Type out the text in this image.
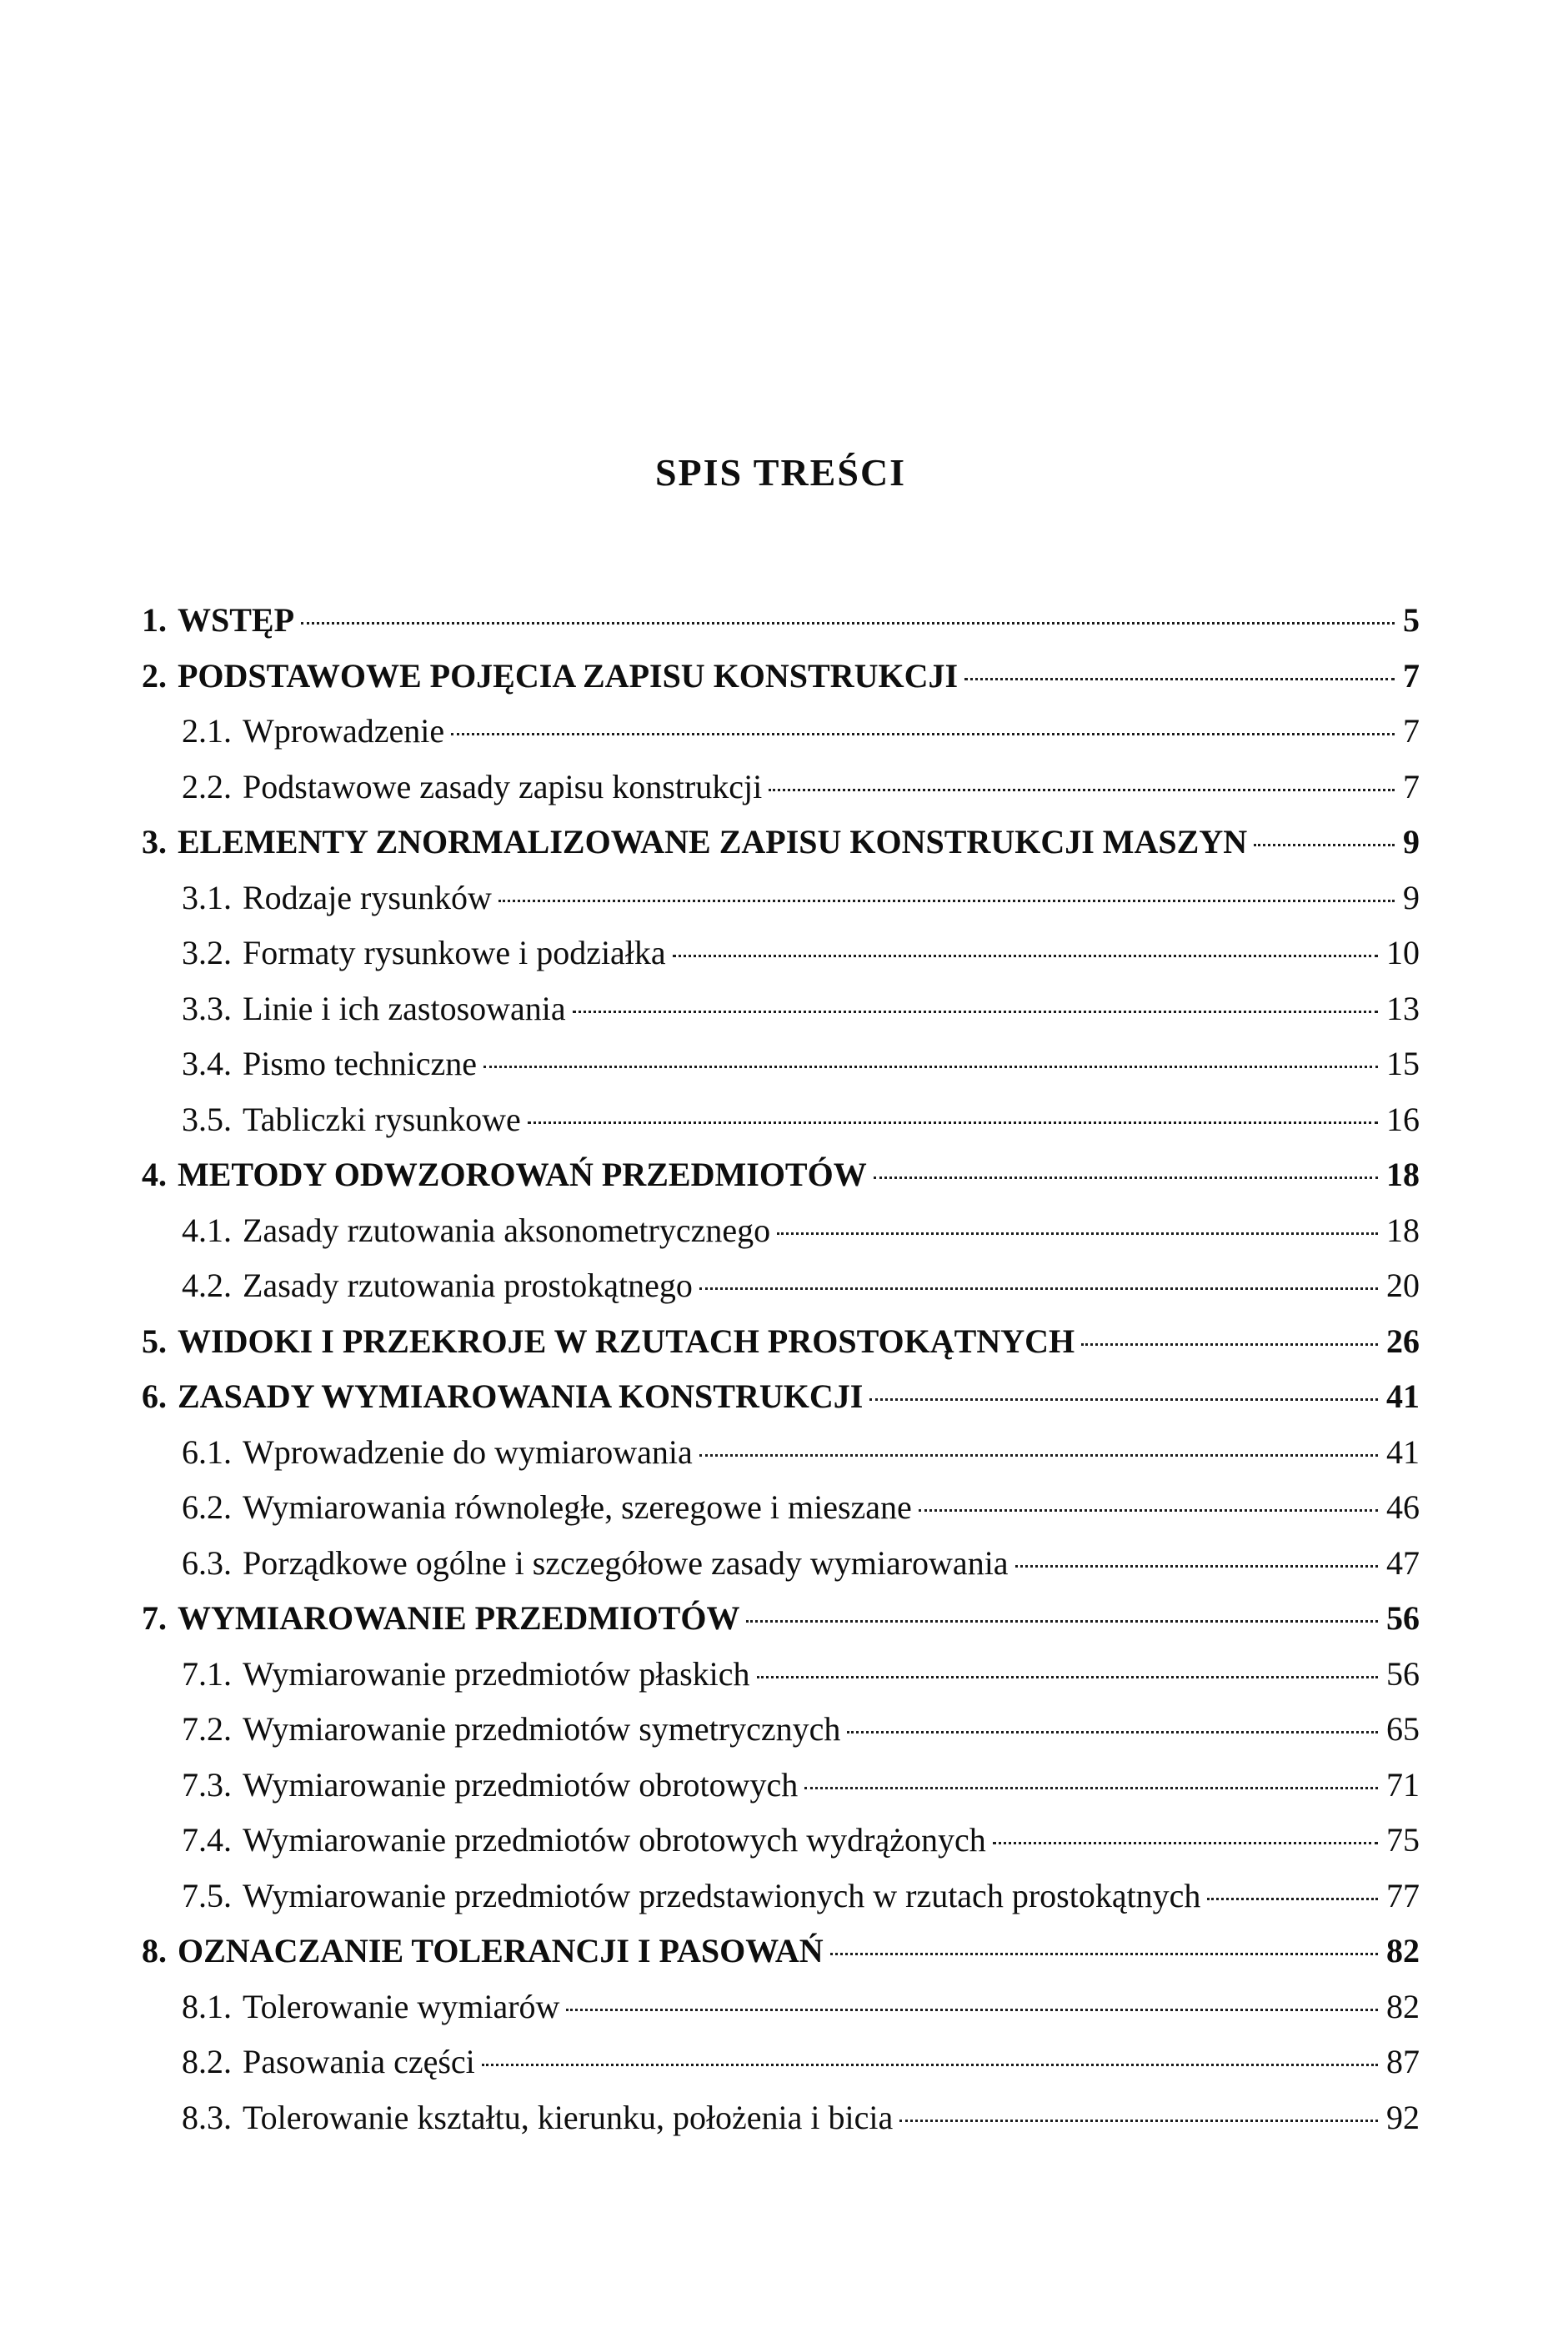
SPIS TREŚCI
1. WSTĘP	5
2. PODSTAWOWE POJĘCIA ZAPISU KONSTRUKCJI	7
2.1. Wprowadzenie	7
2.2. Podstawowe zasady zapisu konstrukcji	7
3. ELEMENTY ZNORMALIZOWANE ZAPISU KONSTRUKCJI MASZYN	9
3.1. Rodzaje rysunków	9
3.2. Formaty rysunkowe i podziałka	10
3.3. Linie i ich zastosowania	13
3.4. Pismo techniczne	15
3.5. Tabliczki rysunkowe	16
4. METODY ODWZOROWAŃ PRZEDMIOTÓW	18
4.1. Zasady rzutowania aksonometrycznego	18
4.2. Zasady rzutowania prostokątnego	20
5. WIDOKI I PRZEKROJE W RZUTACH PROSTOKĄTNYCH	26
6. ZASADY WYMIAROWANIA KONSTRUKCJI	41
6.1. Wprowadzenie do wymiarowania	41
6.2. Wymiarowania równoległe, szeregowe i mieszane	46
6.3. Porządkowe ogólne i szczegółowe zasady wymiarowania	47
7. WYMIAROWANIE PRZEDMIOTÓW	56
7.1. Wymiarowanie przedmiotów płaskich	56
7.2. Wymiarowanie przedmiotów symetrycznych	65
7.3. Wymiarowanie przedmiotów obrotowych	71
7.4. Wymiarowanie przedmiotów obrotowych wydrążonych	75
7.5. Wymiarowanie przedmiotów przedstawionych w rzutach prostokątnych	77
8. OZNACZANIE TOLERANCJI I PASOWAŃ	82
8.1. Tolerowanie wymiarów	82
8.2. Pasowania części	87
8.3. Tolerowanie kształtu, kierunku, położenia i bicia	92
